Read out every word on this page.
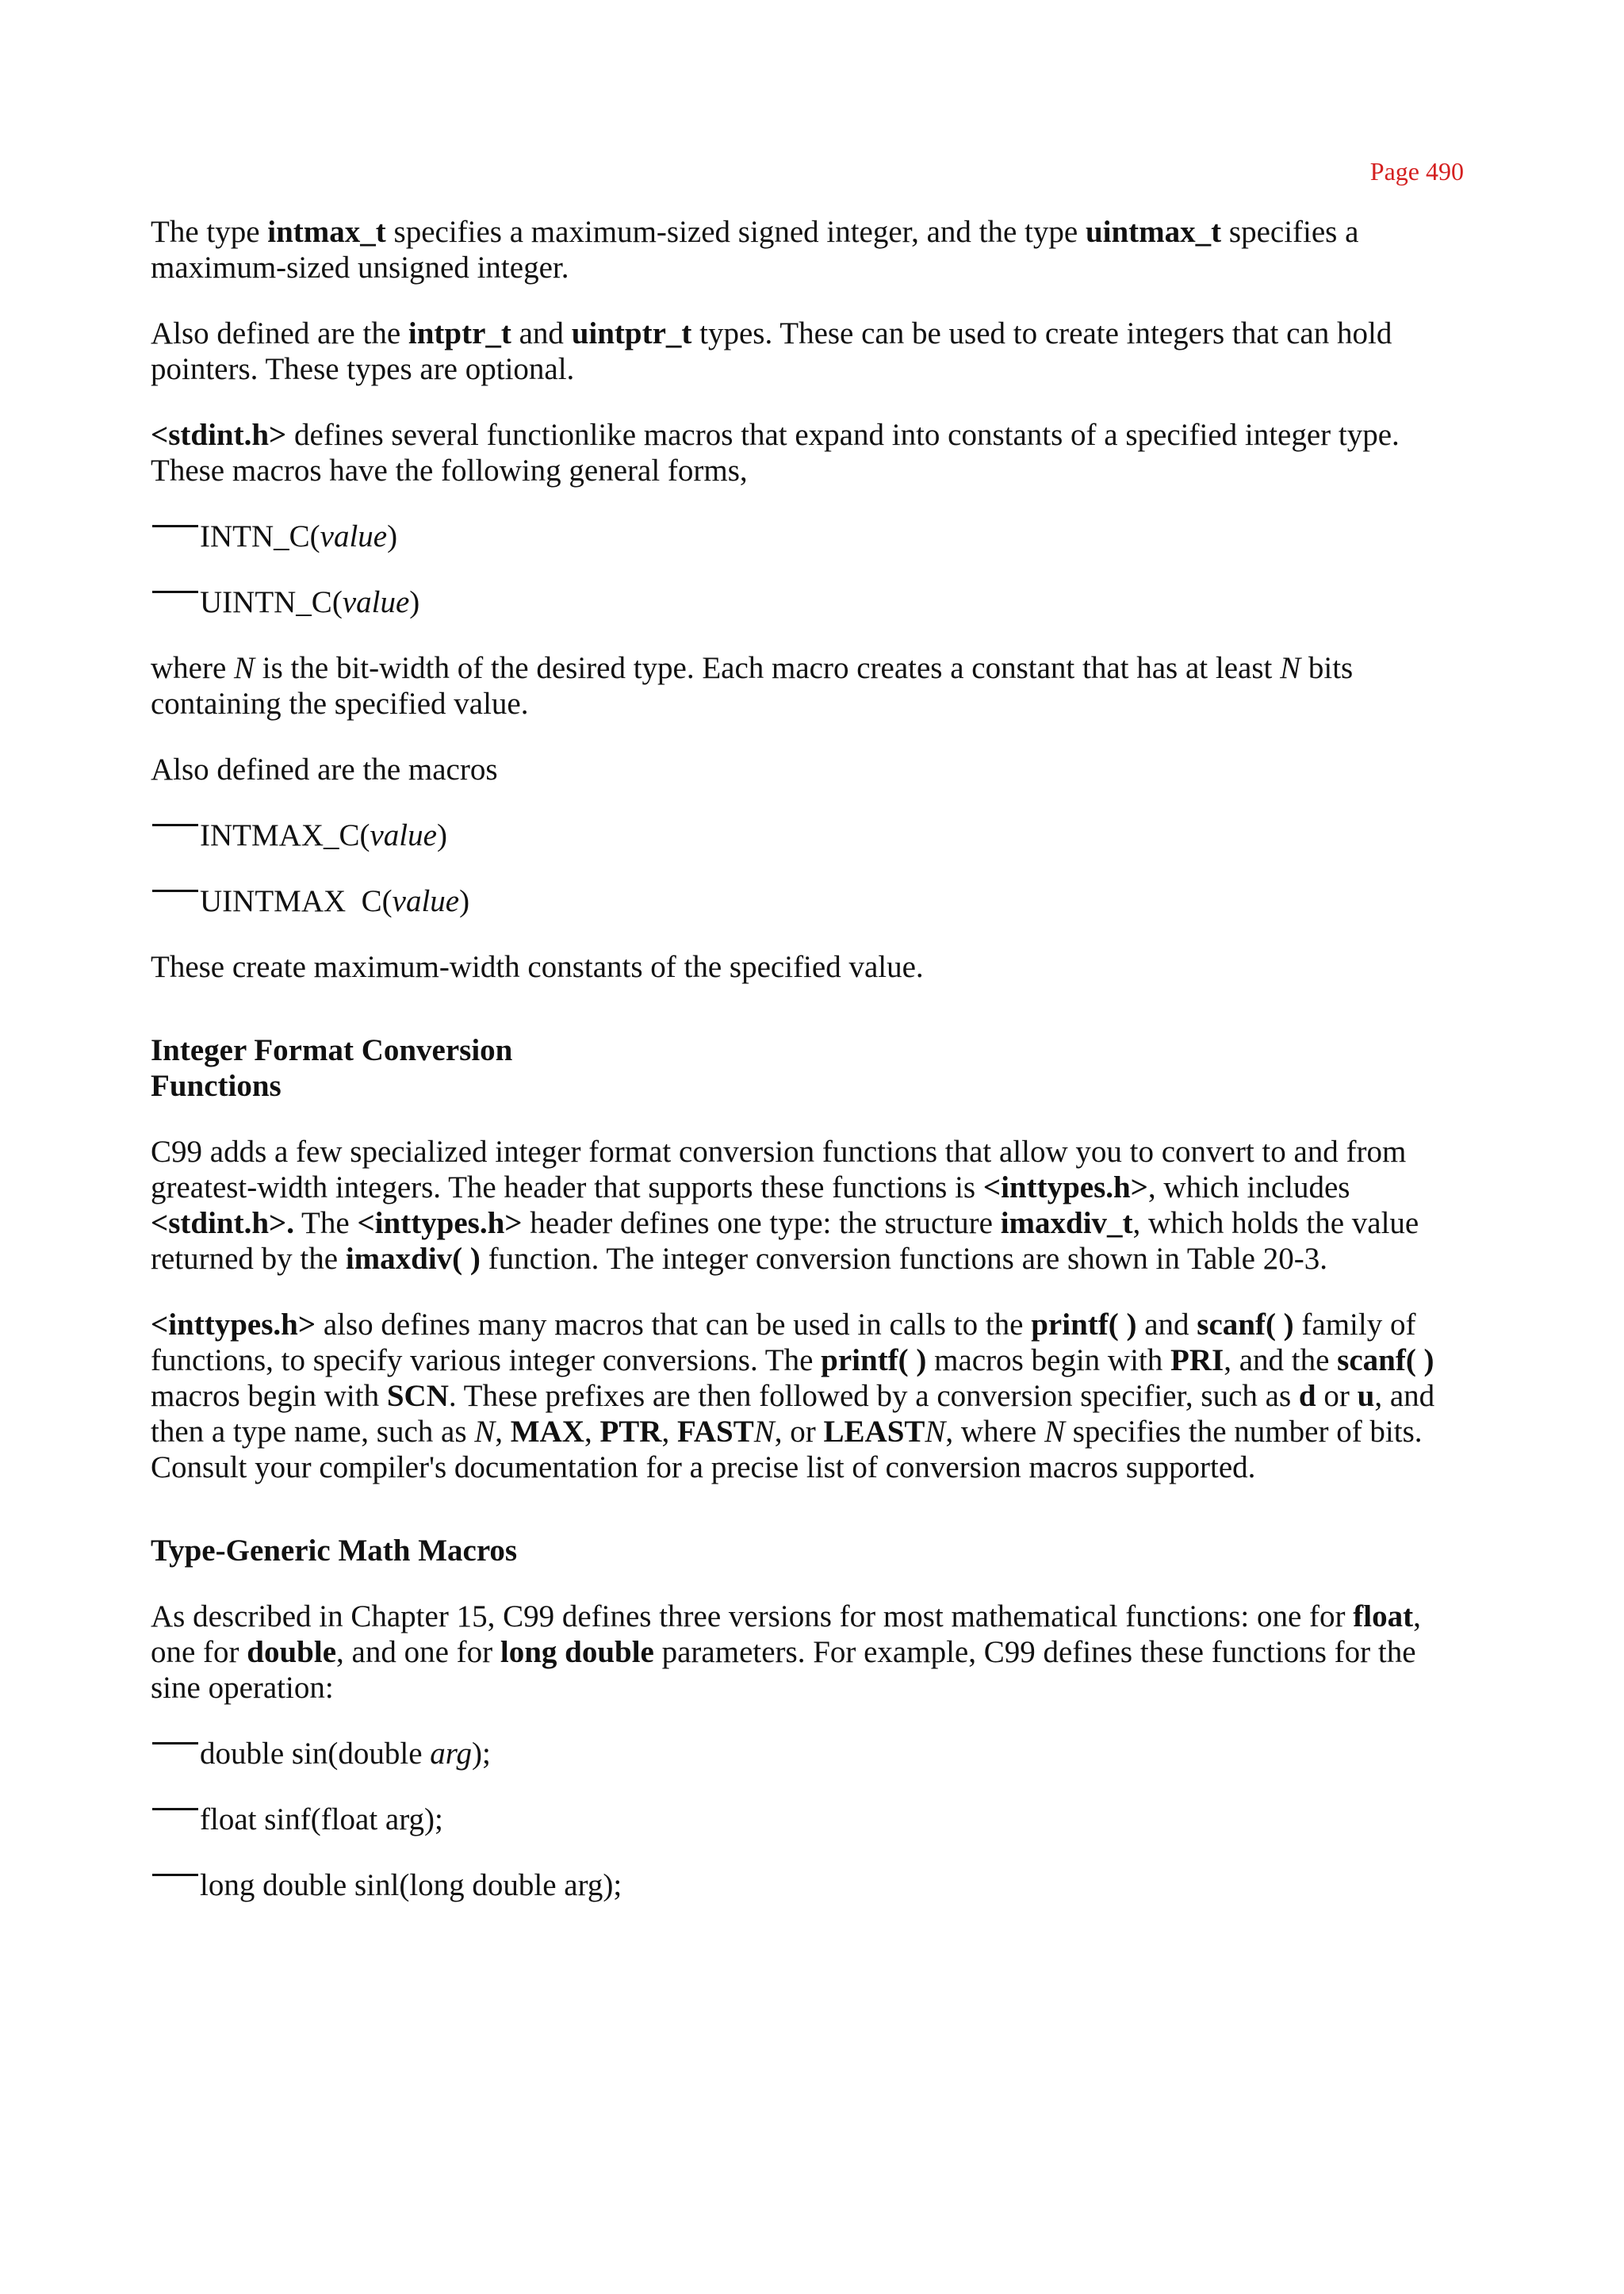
Page 490

The type intmax_t specifies a maximum-sized signed integer, and the type uintmax_t specifies a maximum-sized unsigned integer.

Also defined are the intptr_t and uintptr_t types. These can be used to create integers that can hold pointers. These types are optional.

<stdint.h> defines several functionlike macros that expand into constants of a specified integer type. These macros have the following general forms,

INTN_C(value)
UINTN_C(value)

where N is the bit-width of the desired type. Each macro creates a constant that has at least N bits containing the specified value.

Also defined are the macros

INTMAX_C(value)
UINTMAX  C(value)

These create maximum-width constants of the specified value.

Integer Format Conversion
Functions

C99 adds a few specialized integer format conversion functions that allow you to convert to and from greatest-width integers. The header that supports these functions is <inttypes.h>, which includes <stdint.h>. The <inttypes.h> header defines one type: the structure imaxdiv_t, which holds the value returned by the imaxdiv( ) function. The integer conversion functions are shown in Table 20-3.

<inttypes.h> also defines many macros that can be used in calls to the printf( ) and scanf( ) family of functions, to specify various integer conversions. The printf( ) macros begin with PRI, and the scanf( ) macros begin with SCN. These prefixes are then followed by a conversion specifier, such as d or u, and then a type name, such as N, MAX, PTR, FASTN, or LEASTN, where N specifies the number of bits. Consult your compiler's documentation for a precise list of conversion macros supported.

Type-Generic Math Macros

As described in Chapter 15, C99 defines three versions for most mathematical functions: one for float, one for double, and one for long double parameters. For example, C99 defines these functions for the sine operation:

double sin(double arg);
float sinf(float arg);
long double sinl(long double arg);
